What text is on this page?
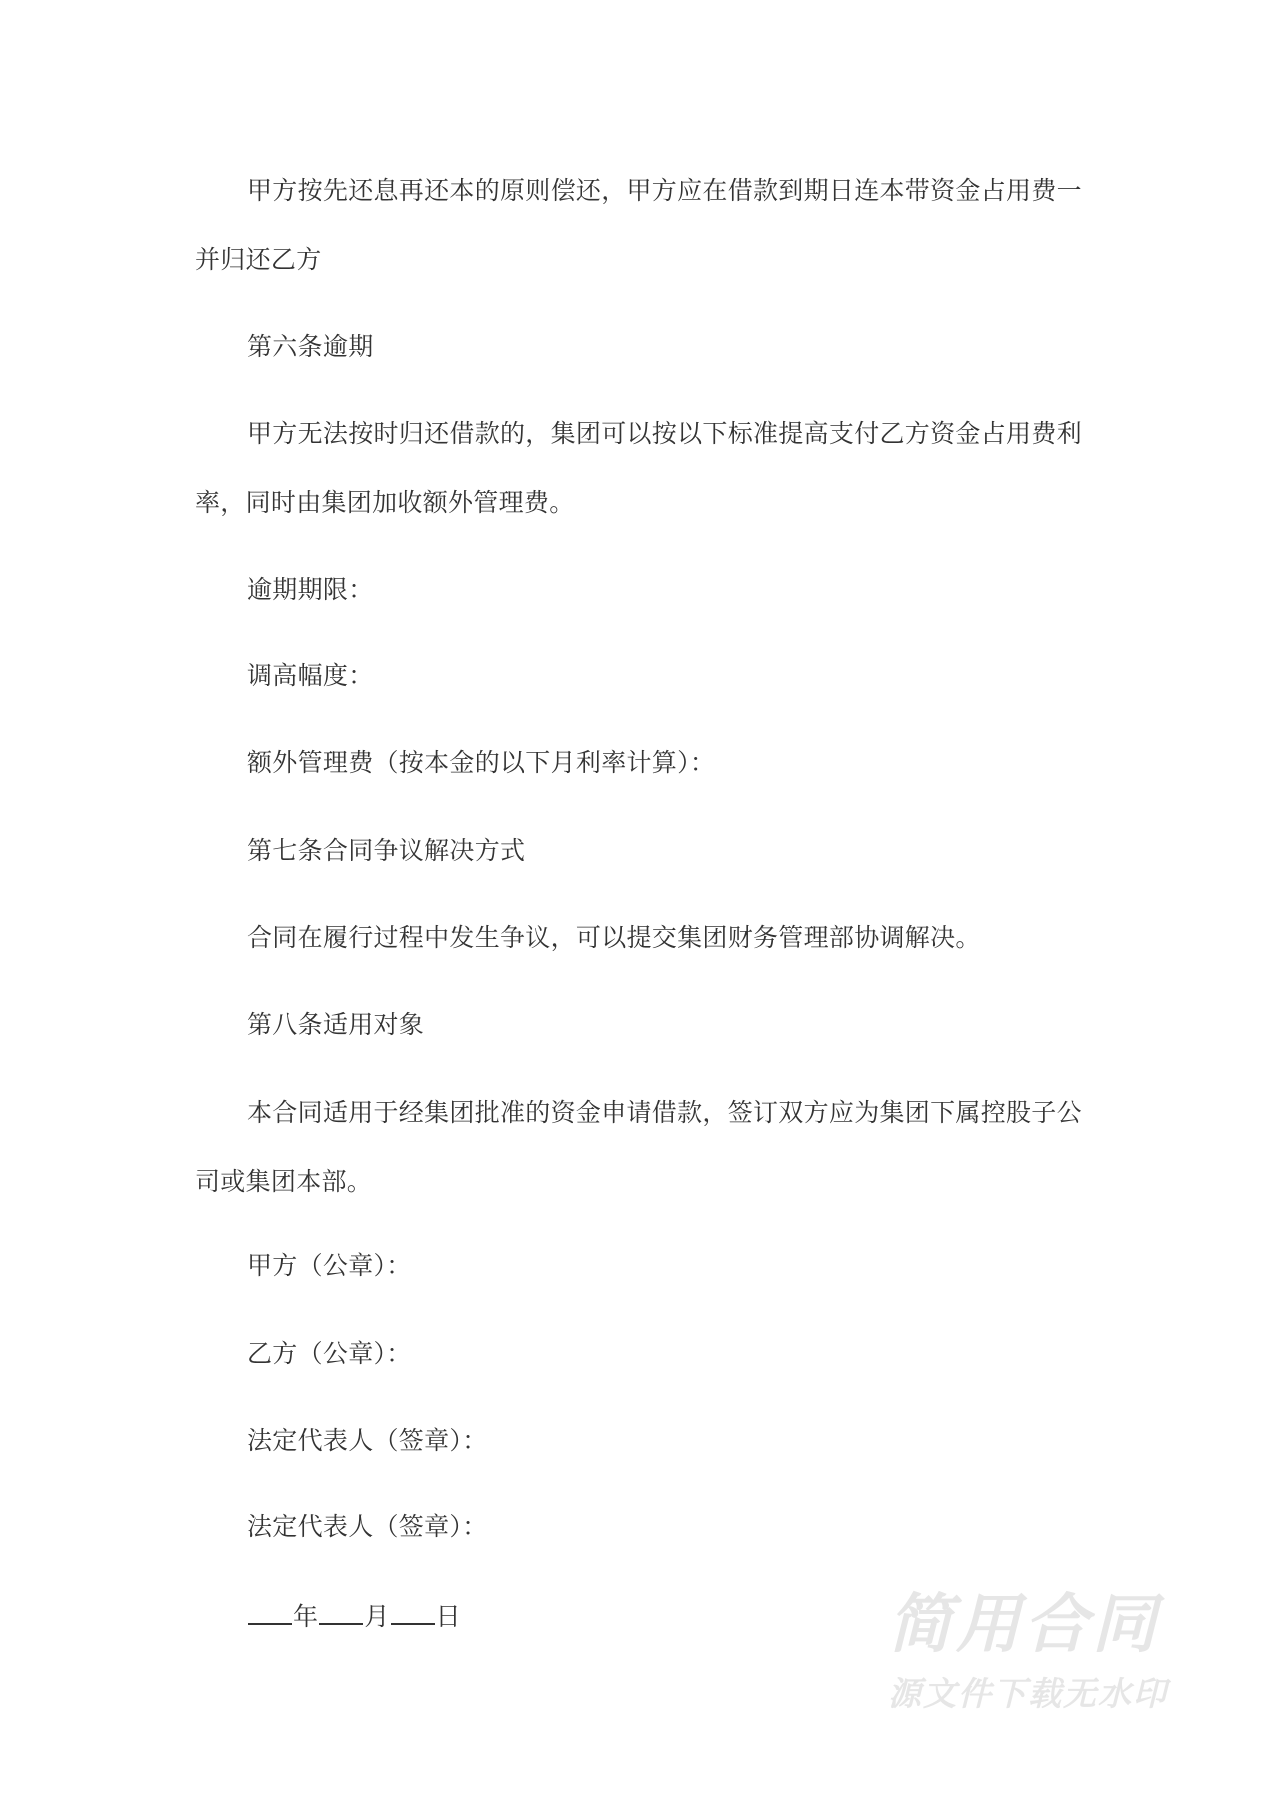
甲方按先还息再还本的原则偿还，甲方应在借款到期日连本带资金占用费一并归还乙方

第六条逾期

甲方无法按时归还借款的，集团可以按以下标准提高支付乙方资金占用费利率，同时由集团加收额外管理费。

逾期期限：

调高幅度：

额外管理费（按本金的以下月利率计算）：

第七条合同争议解决方式

合同在履行过程中发生争议，可以提交集团财务管理部协调解决。

第八条适用对象

本合同适用于经集团批准的资金申请借款，签订双方应为集团下属控股子公司或集团本部。

甲方（公章）：

乙方（公章）：

法定代表人（签章）：

法定代表人（签章）：

年 月 日	简用合同
源文件下载无水印
